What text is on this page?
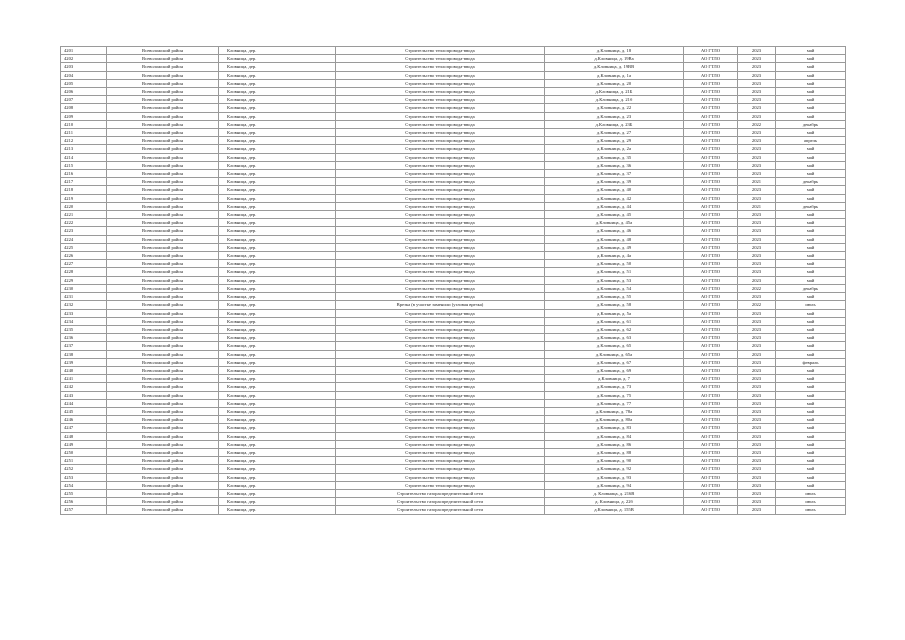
4201	Всеволожский район	Кловница, дер.	Строительство теплопровода-ввода	д.Кловница, д. 18	АО ГТЛО	2023	май
4202	Всеволожский район	Кловница, дер.	Строительство теплопровода-ввода	д.Кловница, д. 19Ва	АО ГТЛО	2023	май
4203	Всеволожский район	Кловница, дер.	Строительство теплопровода-ввода	д.Кловница, д. 19ВВ	АО ГТЛО	2023	май
4204	Всеволожский район	Кловница, дер.	Строительство теплопровода-ввода	д.Кловница, д. 1а	АО ГТЛО	2023	май
4205	Всеволожский район	Кловница, дер.	Строительство теплопровода-ввода	д.Кловница, д. 20	АО ГТЛО	2023	май
4206	Всеволожский район	Кловница, дер.	Строительство теплопровода-ввода	д.Кловница, д. 21Б	АО ГТЛО	2023	май
4207	Всеволожский район	Кловница, дер.	Строительство теплопровода-ввода	д.Кловница, д. 21б	АО ГТЛО	2023	май
4208	Всеволожский район	Кловница, дер.	Строительство теплопровода-ввода	д.Кловница, д. 22	АО ГТЛО	2023	май
4209	Всеволожский район	Кловница, дер.	Строительство теплопровода-ввода	д.Кловница, д. 23	АО ГТЛО	2023	май
4210	Всеволожский район	Кловница, дер.	Строительство теплопровода-ввода	д.Кловница, д. 23Б	АО ГТЛО	2022	декабрь
4211	Всеволожский район	Кловница, дер.	Строительство теплопровода-ввода	д.Кловница, д. 27	АО ГТЛО	2023	май
4212	Всеволожский район	Кловница, дер.	Строительство теплопровода-ввода	д.Кловница, д. 29	АО ГТЛО	2023	апрель
4213	Всеволожский район	Кловница, дер.	Строительство теплопровода-ввода	д.Кловница, д. 2а	АО ГТЛО	2023	май
4214	Всеволожский район	Кловница, дер.	Строительство теплопровода-ввода	д.Кловница, д. 35	АО ГТЛО	2023	май
4215	Всеволожский район	Кловница, дер.	Строительство теплопровода-ввода	д.Кловница, д. 36	АО ГТЛО	2023	май
4216	Всеволожский район	Кловница, дер.	Строительство теплопровода-ввода	д.Кловница, д. 37	АО ГТЛО	2023	май
4217	Всеволожский район	Кловница, дер.	Строительство теплопровода-ввода	д.Кловница, д. 39	АО ГТЛО	2021	декабрь
4218	Всеволожский район	Кловница, дер.	Строительство теплопровода-ввода	д.Кловница, д. 40	АО ГТЛО	2023	май
4219	Всеволожский район	Кловница, дер.	Строительство теплопровода-ввода	д.Кловница, д. 42	АО ГТЛО	2023	май
4220	Всеволожский район	Кловница, дер.	Строительство теплопровода-ввода	д.Кловница, д. 44	АО ГТЛО	2021	декабрь
4221	Всеволожский район	Кловница, дер.	Строительство теплопровода-ввода	д.Кловница, д. 45	АО ГТЛО	2023	май
4222	Всеволожский район	Кловница, дер.	Строительство теплопровода-ввода	д.Кловница, д. 45а	АО ГТЛО	2023	май
4223	Всеволожский район	Кловница, дер.	Строительство теплопровода-ввода	д.Кловница, д. 46	АО ГТЛО	2023	май
4224	Всеволожский район	Кловница, дер.	Строительство теплопровода-ввода	д.Кловница, д. 48	АО ГТЛО	2023	май
4225	Всеволожский район	Кловница, дер.	Строительство теплопровода-ввода	д.Кловница, д. 49	АО ГТЛО	2023	май
4226	Всеволожский район	Кловница, дер.	Строительство теплопровода-ввода	д.Кловница, д. 4а	АО ГТЛО	2023	май
4227	Всеволожский район	Кловница, дер.	Строительство теплопровода-ввода	д.Кловница, д. 50	АО ГТЛО	2023	май
4228	Всеволожский район	Кловница, дер.	Строительство теплопровода-ввода	д.Кловница, д. 51	АО ГТЛО	2023	май
4229	Всеволожский район	Кловница, дер.	Строительство теплопровода-ввода	д.Кловница, д. 53	АО ГТЛО	2023	май
4230	Всеволожский район	Кловница, дер.	Строительство теплопровода-ввода	д.Кловница, д. 54	АО ГТЛО	2022	декабрь
4231	Всеволожский район	Кловница, дер.	Строительство теплопровода-ввода	д.Кловница, д. 55	АО ГТЛО	2023	май
4232	Всеволожский район	Кловница, дер.	Врезка (в участке заменили (угловая врезка)	д.Кловница, д. 58	АО ГТЛО	2022	июль
4233	Всеволожский район	Кловница, дер.	Строительство теплопровода-ввода	д.Кловница, д. 5а	АО ГТЛО	2023	май
4234	Всеволожский район	Кловница, дер.	Строительство теплопровода-ввода	д.Кловница, д. 61	АО ГТЛО	2023	май
4235	Всеволожский район	Кловница, дер.	Строительство теплопровода-ввода	д.Кловница, д. 62	АО ГТЛО	2023	май
4236	Всеволожский район	Кловница, дер.	Строительство теплопровода-ввода	д.Кловница, д. 63	АО ГТЛО	2023	май
4237	Всеволожский район	Кловница, дер.	Строительство теплопровода-ввода	д.Кловница, д. 65	АО ГТЛО	2023	май
4238	Всеволожский район	Кловница, дер.	Строительство теплопровода-ввода	д.Кловница, д. 65а	АО ГТЛО	2023	май
4239	Всеволожский район	Кловница, дер.	Строительство теплопровода-ввода	д.Кловница, д. 67	АО ГТЛО	2023	февраль
4240	Всеволожский район	Кловница, дер.	Строительство теплопровода-ввода	д.Кловница, д. 69	АО ГТЛО	2023	май
4241	Всеволожский район	Кловница, дер.	Строительство теплопровода-ввода	д.Кловница, д. 7	АО ГТЛО	2023	май
4242	Всеволожский район	Кловница, дер.	Строительство теплопровода-ввода	д.Кловница, д. 73	АО ГТЛО	2023	май
4243	Всеволожский район	Кловница, дер.	Строительство теплопровода-ввода	д.Кловница, д. 75	АО ГТЛО	2023	май
4244	Всеволожский район	Кловница, дер.	Строительство теплопровода-ввода	д.Кловница, д. 77	АО ГТЛО	2023	май
4245	Всеволожский район	Кловница, дер.	Строительство теплопровода-ввода	д.Кловница, д. 78а	АО ГТЛО	2023	май
4246	Всеволожский район	Кловница, дер.	Строительство теплопровода-ввода	д.Кловница, д. 80а	АО ГТЛО	2023	май
4247	Всеволожский район	Кловница, дер.	Строительство теплопровода-ввода	д.Кловница, д. 83	АО ГТЛО	2023	май
4248	Всеволожский район	Кловница, дер.	Строительство теплопровода-ввода	д.Кловница, д. 84	АО ГТЛО	2023	май
4249	Всеволожский район	Кловница, дер.	Строительство теплопровода-ввода	д.Кловница, д. 86	АО ГТЛО	2023	май
4250	Всеволожский район	Кловница, дер.	Строительство теплопровода-ввода	д.Кловница, д. 88	АО ГТЛО	2023	май
4251	Всеволожский район	Кловница, дер.	Строительство теплопровода-ввода	д.Кловница, д. 90	АО ГТЛО	2023	май
4252	Всеволожский район	Кловница, дер.	Строительство теплопровода-ввода	д.Кловница, д. 92	АО ГТЛО	2023	май
4253	Всеволожский район	Кловница, дер.	Строительство теплопровода-ввода	д.Кловница, д. 93	АО ГТЛО	2023	май
4254	Всеволожский район	Кловница, дер.	Строительство теплопровода-ввода	д.Кловница, д. 94	АО ГТЛО	2023	май
4255	Всеволожский район	Кловница, дер.	Строительство газораспределительной сети	д. Кловница, д. 216В	АО ГТЛО	2023	июль
4256	Всеволожский район	Кловница, дер.	Строительство газораспределительной сети	д. Кловница, д. 22б	АО ГТЛО	2023	июль
4257	Всеволожский район	Кловница, дер.	Строительство газораспределительной сети	д.Кловница, д. 155В	АО ГТЛО	2023	июль
